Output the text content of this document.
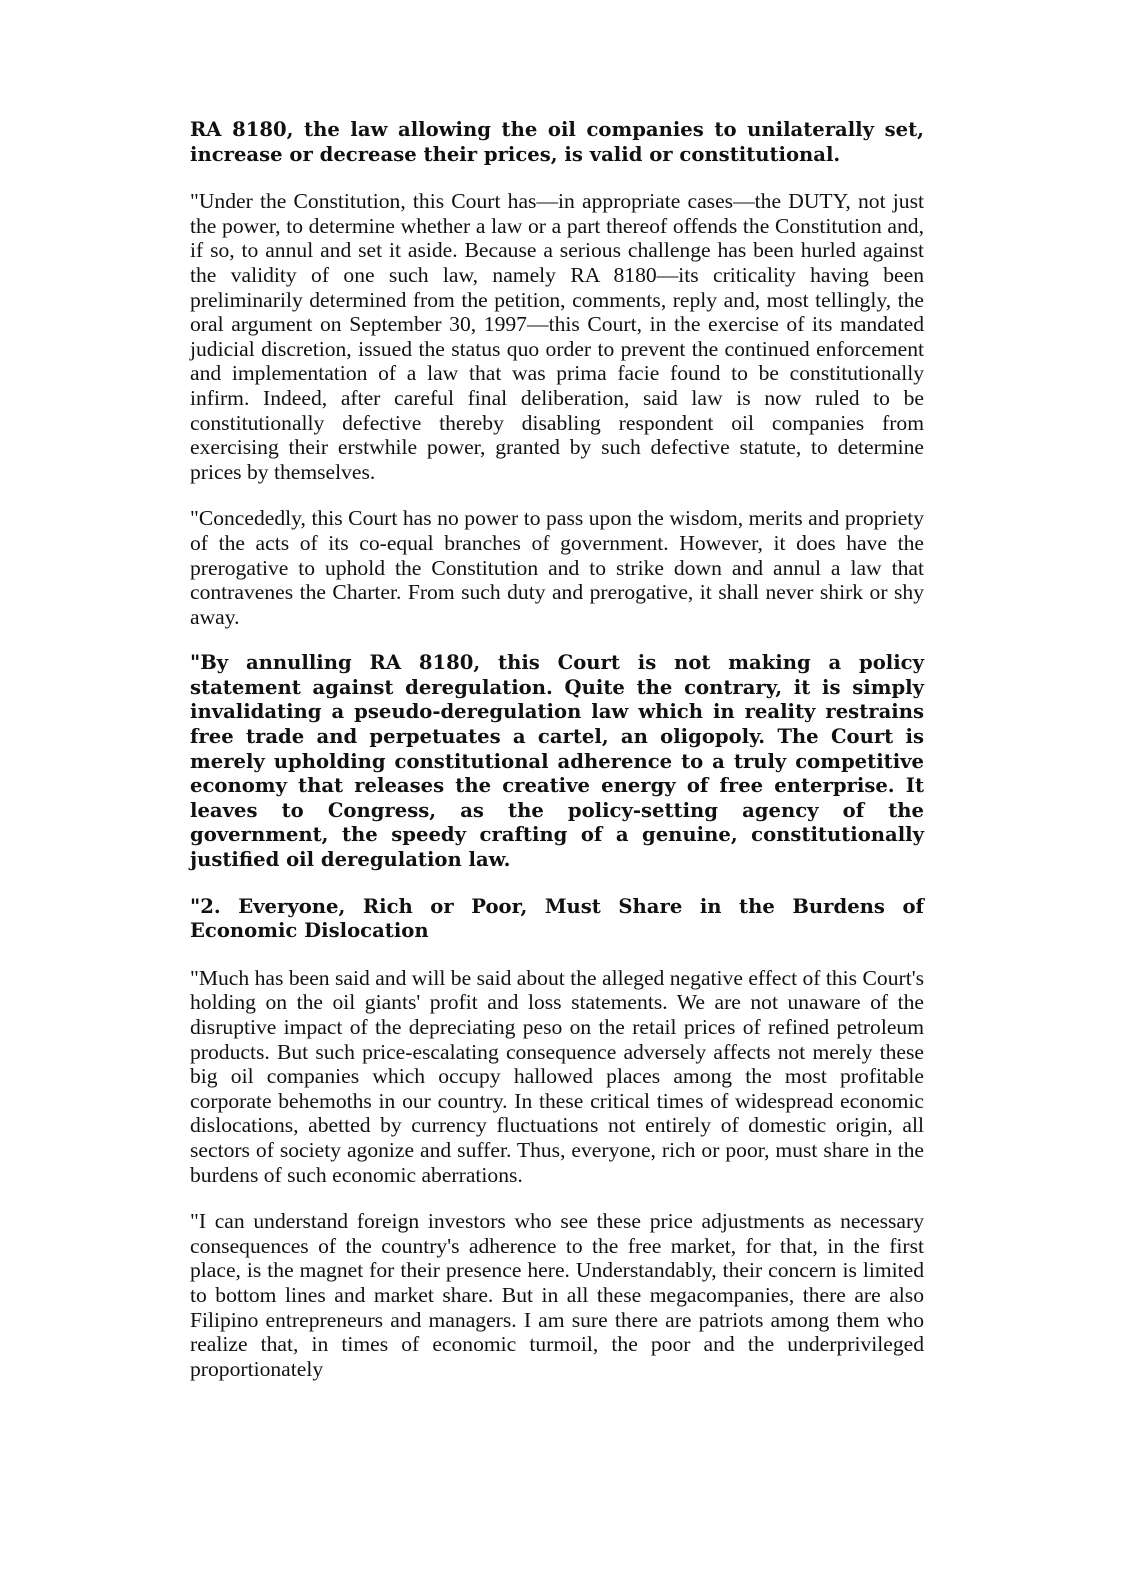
RA 8180, the law allowing the oil companies to unilaterally set, increase or decrease their prices, is valid or constitutional.

"Under the Constitution, this Court has—in appropriate cases—the DUTY, not just the power, to determine whether a law or a part thereof offends the Constitution and, if so, to annul and set it aside. Because a serious challenge has been hurled against the validity of one such law, namely RA 8180—its criticality having been preliminarily determined from the petition, comments, reply and, most tellingly, the oral argument on September 30, 1997—this Court, in the exercise of its mandated judicial discretion, issued the status quo order to prevent the continued enforcement and implementation of a law that was prima facie found to be constitutionally infirm. Indeed, after careful final deliberation, said law is now ruled to be constitutionally defective thereby disabling respondent oil companies from exercising their erstwhile power, granted by such defective statute, to determine prices by themselves.

"Concededly, this Court has no power to pass upon the wisdom, merits and propriety of the acts of its co-equal branches of government. However, it does have the prerogative to uphold the Constitution and to strike down and annul a law that contravenes the Charter. From such duty and prerogative, it shall never shirk or shy away.

"By annulling RA 8180, this Court is not making a policy statement against deregulation. Quite the contrary, it is simply invalidating a pseudo-deregulation law which in reality restrains free trade and perpetuates a cartel, an oligopoly. The Court is merely upholding constitutional adherence to a truly competitive economy that releases the creative energy of free enterprise. It leaves to Congress, as the policy-setting agency of the government, the speedy crafting of a genuine, constitutionally justified oil deregulation law.

"2. Everyone, Rich or Poor, Must Share in the Burdens of Economic Dislocation

"Much has been said and will be said about the alleged negative effect of this Court's holding on the oil giants' profit and loss statements. We are not unaware of the disruptive impact of the depreciating peso on the retail prices of refined petroleum products. But such price-escalating consequence adversely affects not merely these big oil companies which occupy hallowed places among the most profitable corporate behemoths in our country. In these critical times of widespread economic dislocations, abetted by currency fluctuations not entirely of domestic origin, all sectors of society agonize and suffer. Thus, everyone, rich or poor, must share in the burdens of such economic aberrations.

"I can understand foreign investors who see these price adjustments as necessary consequences of the country's adherence to the free market, for that, in the first place, is the magnet for their presence here. Understandably, their concern is limited to bottom lines and market share. But in all these megacompanies, there are also Filipino entrepreneurs and managers. I am sure there are patriots among them who realize that, in times of economic turmoil, the poor and the underprivileged proportionately
